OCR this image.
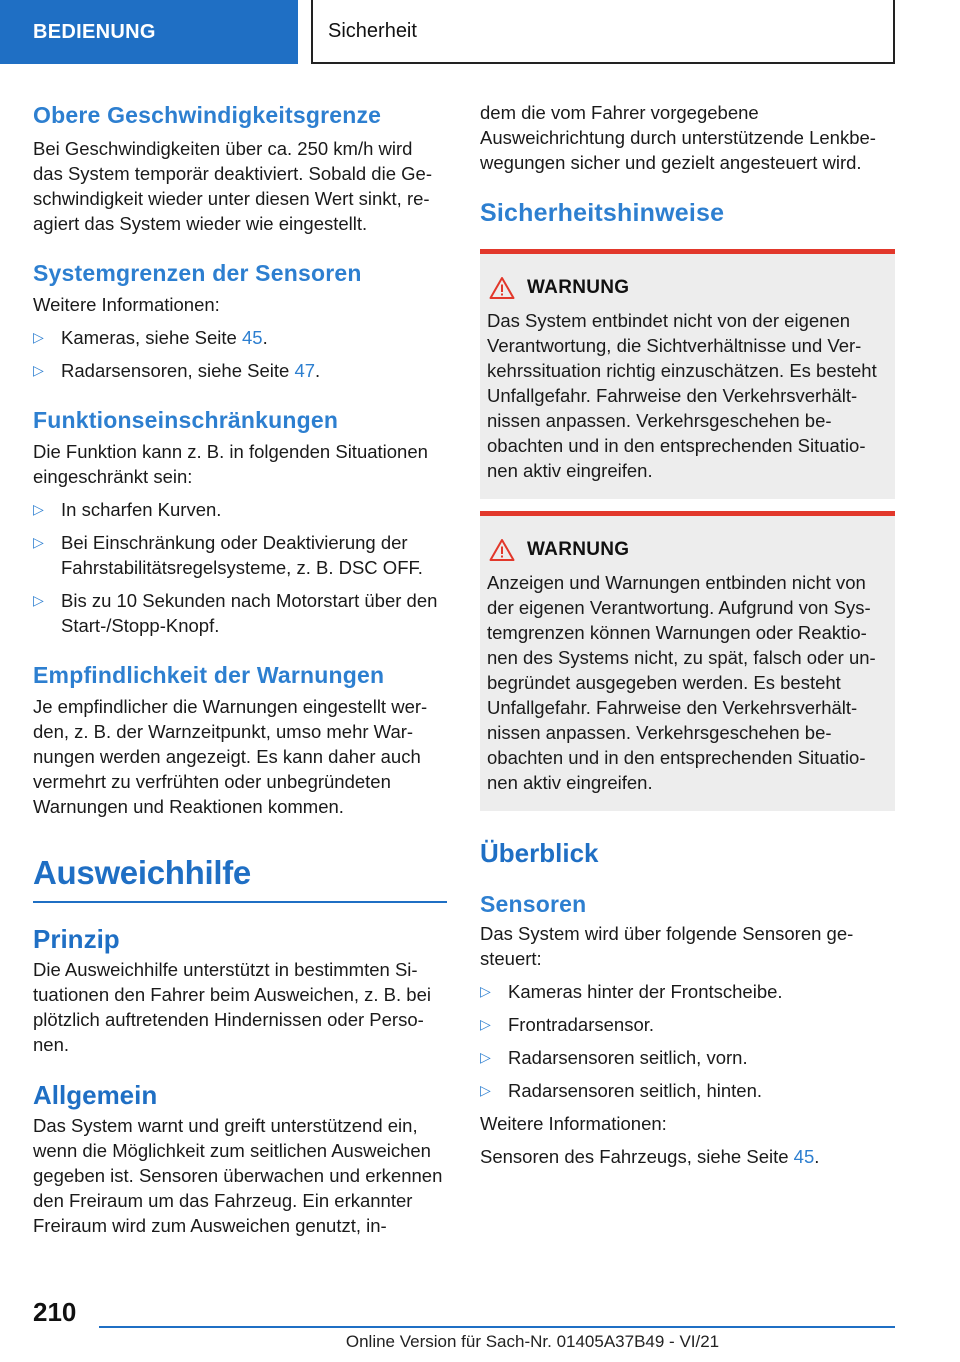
BEDIENUNG	Sicherheit
Obere Geschwindigkeitsgrenze

Bei Geschwindigkeiten über ca. 250 km/h wird das System temporär deaktiviert. Sobald die Geschwindigkeit wieder unter diesen Wert sinkt, reagiert das System wieder wie eingestellt.

Systemgrenzen der Sensoren

Weitere Informationen:

▷ Kameras, siehe Seite 45.
▷ Radarsensoren, siehe Seite 47.
Funktionseinschränkungen

Die Funktion kann z. B. in folgenden Situationen eingeschränkt sein:

▷ In scharfen Kurven.
▷ Bei Einschränkung oder Deaktivierung der Fahrstabilitätsregelsysteme, z. B. DSC OFF.
▷ Bis zu 10 Sekunden nach Motorstart über den Start-/Stopp-Knopf.
Empfindlichkeit der Warnungen

Je empfindlicher die Warnungen eingestellt werden, z. B. der Warnzeitpunkt, umso mehr Warnungen werden angezeigt. Es kann daher auch vermehrt zu verfrühten oder unbegründeten Warnungen und Reaktionen kommen.

Ausweichhilfe
Prinzip

Die Ausweichhilfe unterstützt in bestimmten Situationen den Fahrer beim Ausweichen, z. B. bei plötzlich auftretenden Hindernissen oder Personen.

Allgemein

Das System warnt und greift unterstützend ein, wenn die Möglichkeit zum seitlichen Ausweichen gegeben ist. Sensoren überwachen und erkennen den Freiraum um das Fahrzeug. Ein erkannter Freiraum wird zum Ausweichen genutzt, in-

dem die vom Fahrer vorgegebene Ausweichrichtung durch unterstützende Lenkbewegungen sicher und gezielt angesteuert wird.

Sicherheitshinweise
WARNUNG

Das System entbindet nicht von der eigenen Verantwortung, die Sichtverhältnisse und Verkehrssituation richtig einzuschätzen. Es besteht Unfallgefahr. Fahrweise den Verkehrsverhältnissen anpassen. Verkehrsgeschehen beobachten und in den entsprechenden Situationen aktiv eingreifen.

WARNUNG

Anzeigen und Warnungen entbinden nicht von der eigenen Verantwortung. Aufgrund von Systemgrenzen können Warnungen oder Reaktionen des Systems nicht, zu spät, falsch oder unbegründet ausgegeben werden. Es besteht Unfallgefahr. Fahrweise den Verkehrsverhältnissen anpassen. Verkehrsgeschehen beobachten und in den entsprechenden Situationen aktiv eingreifen.

Überblick
Sensoren

Das System wird über folgende Sensoren gesteuert:

▷ Kameras hinter der Frontscheibe.
▷ Frontradarsensor.
▷ Radarsensoren seitlich, vorn.
▷ Radarsensoren seitlich, hinten.

Weitere Informationen:

Sensoren des Fahrzeugs, siehe Seite 45.

210
Online Version für Sach-Nr. 01405A37B49 - VI/21
